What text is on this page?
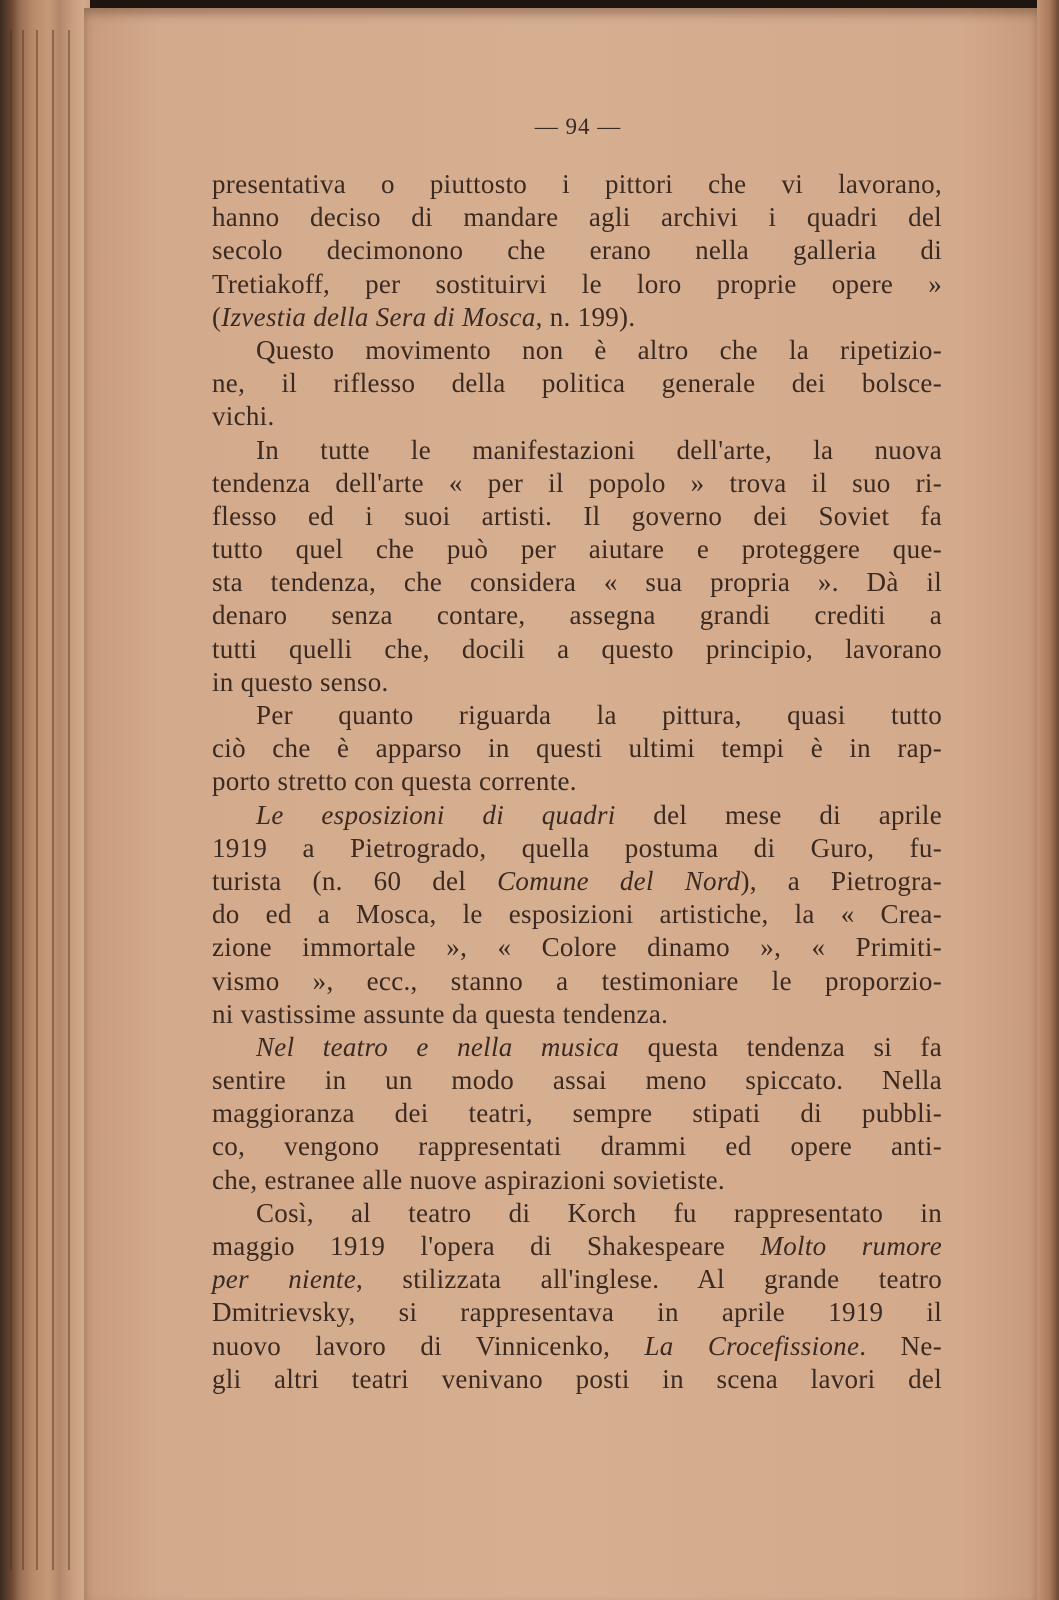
— 94 —
presentativa o piuttosto i pittori che vi lavorano,
hanno deciso di mandare agli archivi i quadri del
secolo decimonono che erano nella galleria di
Tretiakoff, per sostituirvi le loro proprie opere »
(Izvestia della Sera di Mosca, n. 199).
Questo movimento non è altro che la ripetizio-
ne, il riflesso della politica generale dei bolsce-
vichi.
In tutte le manifestazioni dell'arte, la nuova
tendenza dell'arte « per il popolo » trova il suo ri-
flesso ed i suoi artisti. Il governo dei Soviet fa
tutto quel che può per aiutare e proteggere que-
sta tendenza, che considera « sua propria ». Dà il
denaro senza contare, assegna grandi crediti a
tutti quelli che, docili a questo principio, lavorano
in questo senso.
Per quanto riguarda la pittura, quasi tutto
ciò che è apparso in questi ultimi tempi è in rap-
porto stretto con questa corrente.
Le esposizioni di quadri del mese di aprile
1919 a Pietrogrado, quella postuma di Guro, fu-
turista (n. 60 del Comune del Nord), a Pietrogra-
do ed a Mosca, le esposizioni artistiche, la « Crea-
zione immortale », « Colore dinamo », « Primiti-
vismo », ecc., stanno a testimoniare le proporzio-
ni vastissime assunte da questa tendenza.
Nel teatro e nella musica questa tendenza si fa
sentire in un modo assai meno spiccato. Nella
maggioranza dei teatri, sempre stipati di pubbli-
co, vengono rappresentati drammi ed opere anti-
che, estranee alle nuove aspirazioni sovietiste.
Così, al teatro di Korch fu rappresentato in
maggio 1919 l'opera di Shakespeare Molto rumore
per niente, stilizzata all'inglese. Al grande teatro
Dmitrievsky, si rappresentava in aprile 1919 il
nuovo lavoro di Vinnicenko, La Crocefissione. Ne-
gli altri teatri venivano posti in scena lavori del
